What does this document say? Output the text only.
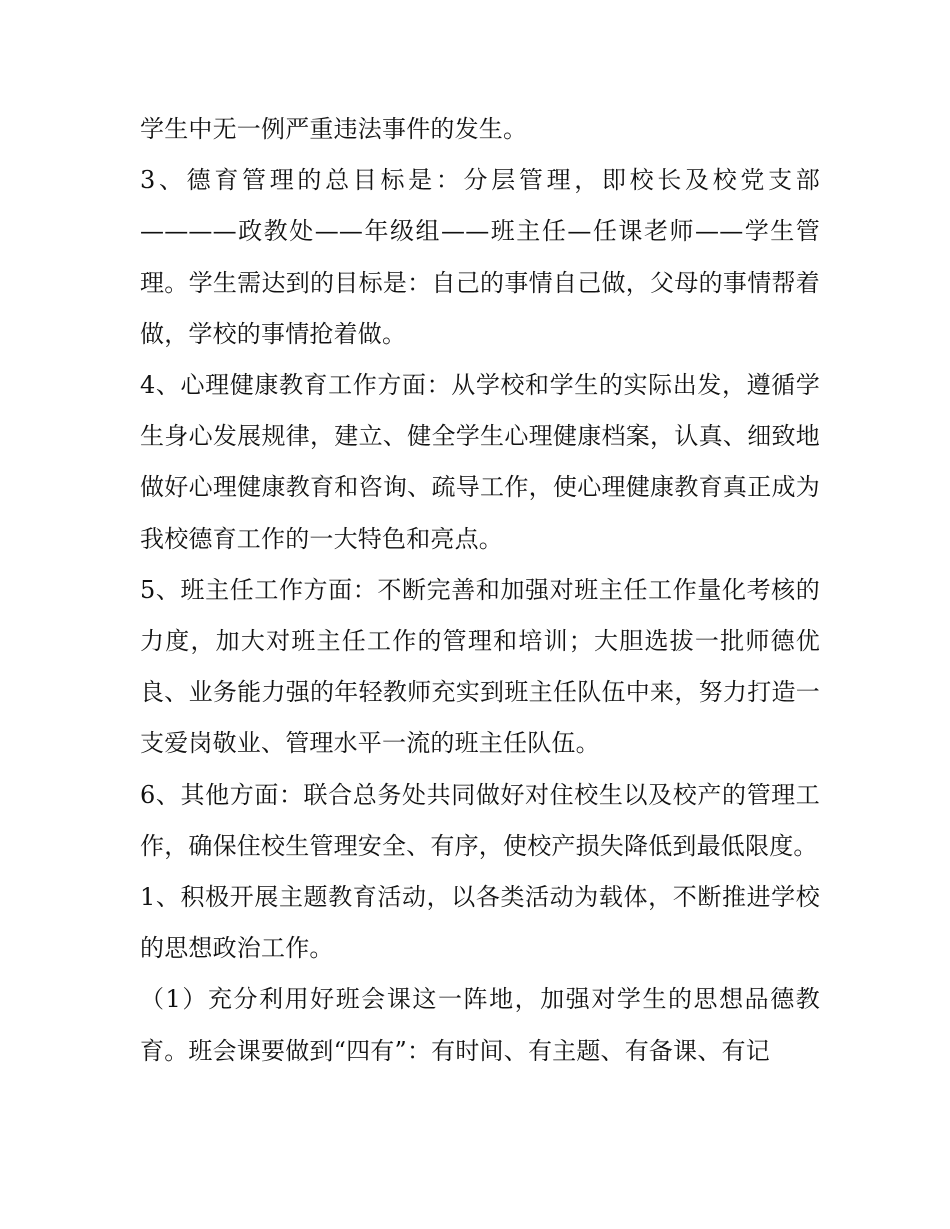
学生中无一例严重违法事件的发生。

3、德育管理的总目标是：分层管理，即校长及校党支部————政教处——年级组——班主任—任课老师——学生管理。学生需达到的目标是：自己的事情自己做，父母的事情帮着做，学校的事情抢着做。

4、心理健康教育工作方面：从学校和学生的实际出发，遵循学生身心发展规律，建立、健全学生心理健康档案，认真、细致地做好心理健康教育和咨询、疏导工作，使心理健康教育真正成为我校德育工作的一大特色和亮点。

5、班主任工作方面：不断完善和加强对班主任工作量化考核的力度，加大对班主任工作的管理和培训；大胆选拔一批师德优良、业务能力强的年轻教师充实到班主任队伍中来，努力打造一支爱岗敬业、管理水平一流的班主任队伍。

6、其他方面：联合总务处共同做好对住校生以及校产的管理工作，确保住校生管理安全、有序，使校产损失降低到最低限度。

1、积极开展主题教育活动，以各类活动为载体，不断推进学校的思想政治工作。

（1）充分利用好班会课这一阵地，加强对学生的思想品德教育。班会课要做到“四有”：有时间、有主题、有备课、有记
